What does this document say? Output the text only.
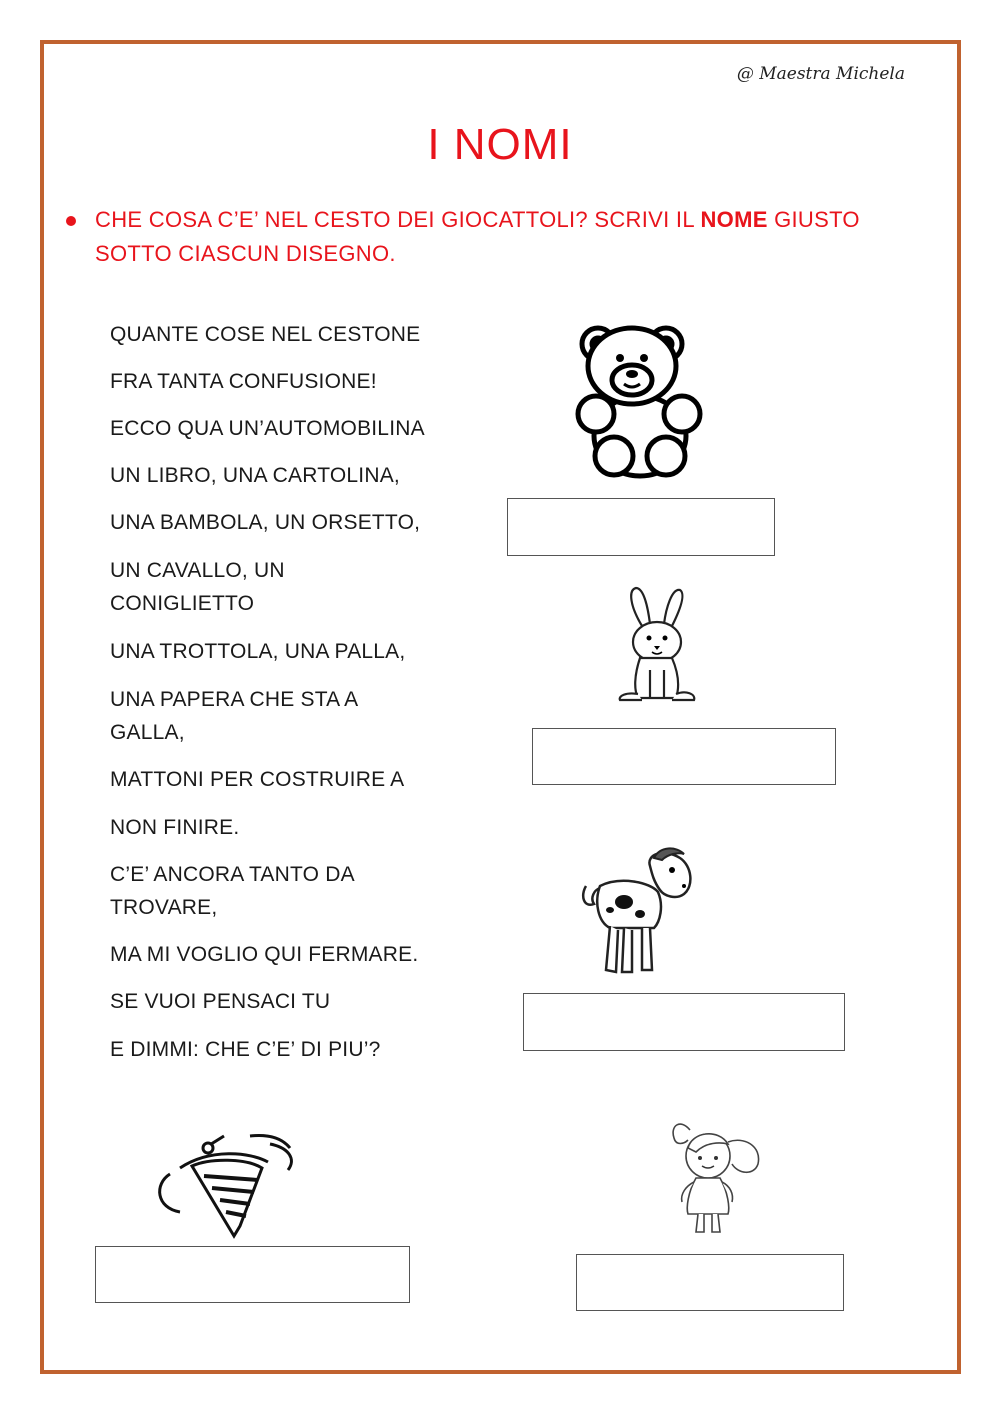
@ Maestra Michela
I NOMI
CHE COSA C’E’ NEL CESTO DEI GIOCATTOLI? SCRIVI IL NOME GIUSTO SOTTO CIASCUN DISEGNO.
QUANTE COSE NEL CESTONE
FRA TANTA CONFUSIONE!
ECCO QUA UN’AUTOMOBILINA
UN LIBRO, UNA CARTOLINA,
UNA BAMBOLA, UN ORSETTO,
UN CAVALLO, UN CONIGLIETTO
UNA TROTTOLA, UNA PALLA,
UNA PAPERA CHE STA A GALLA,
MATTONI PER COSTRUIRE A
NON FINIRE.
C’E’ ANCORA TANTO DA TROVARE,
MA MI VOGLIO QUI FERMARE.
SE VUOI PENSACI TU
E DIMMI: CHE C’E’ DI PIU’?
